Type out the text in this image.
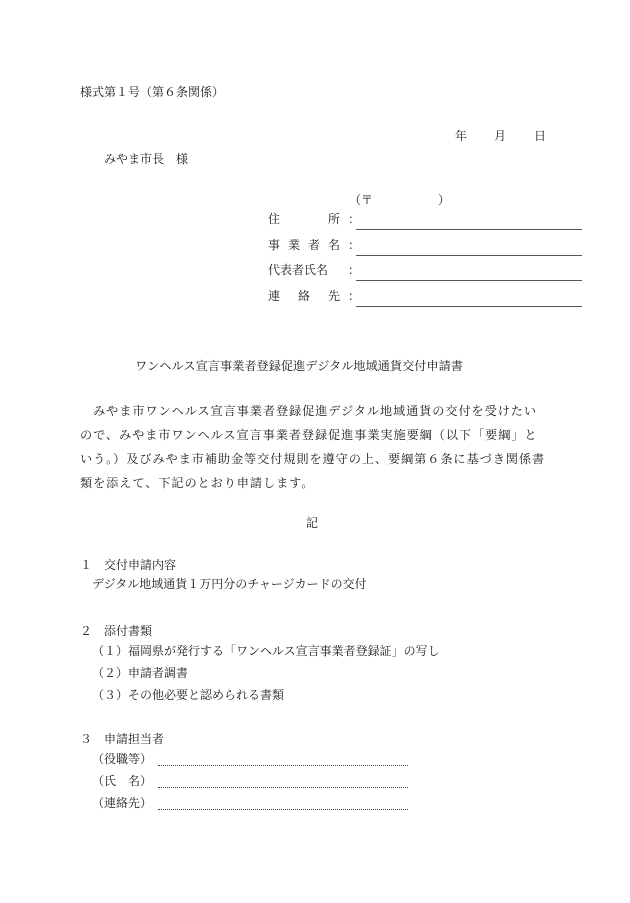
様式第１号（第６条関係）
年 月 日
みやま市長　様
（〒	）
住	所 ：
事 業 者 名 ：
代表者氏名 ：
連 絡 先 ：
ワンヘルス宣言事業者登録促進デジタル地域通貨交付申請書
　みやま市ワンヘルス宣言事業者登録促進デジタル地域通貨の交付を受けたい
ので、みやま市ワンヘルス宣言事業者登録促進事業実施要綱（以下「要綱」と
いう。）及びみやま市補助金等交付規則を遵守の上、要綱第６条に基づき関係書
類を添えて、下記のとおり申請します。
記
１　交付申請内容
デジタル地域通貨１万円分のチャージカードの交付
２　添付書類
（１）福岡県が発行する「ワンヘルス宣言事業者登録証」の写し
（２）申請者調書
（３）その他必要と認められる書類
３　申請担当者
（役職等）
（氏　名）
（連絡先）
